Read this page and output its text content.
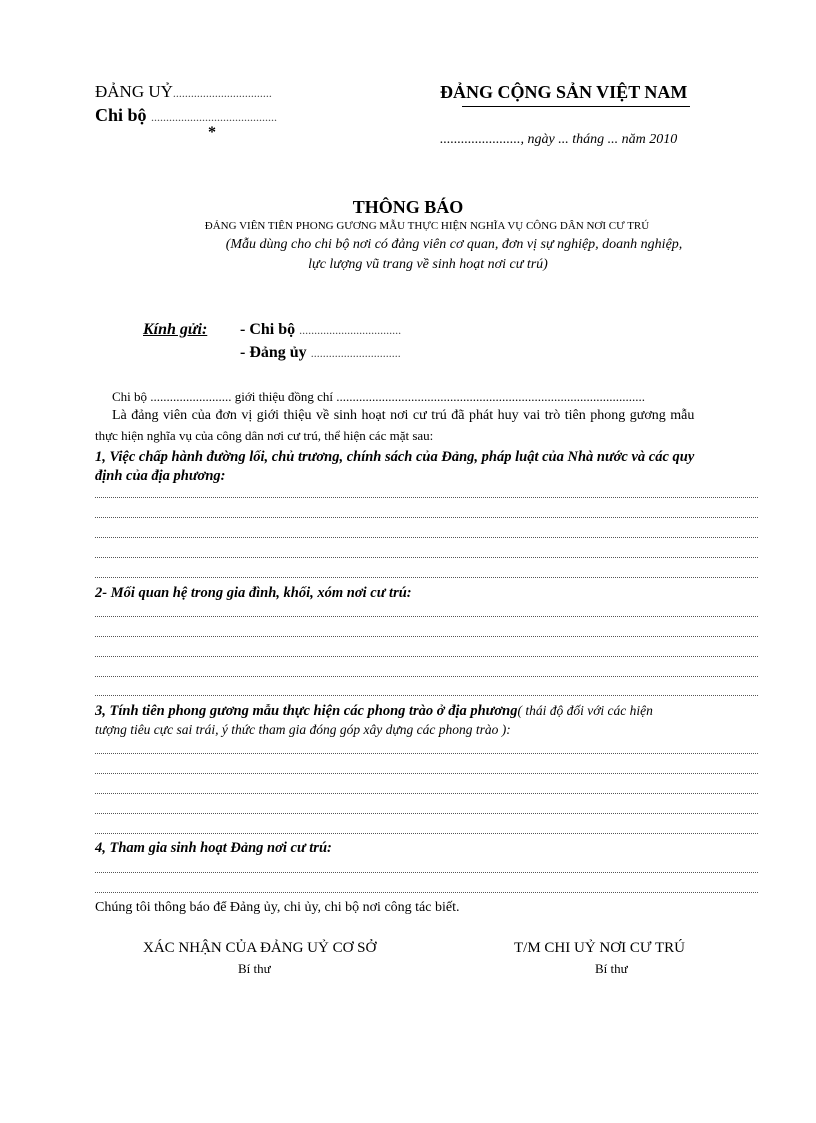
ĐẢNG UỶ.................................
Chi bộ ..........................................
*
ĐẢNG CỘNG SẢN VIỆT NAM
......................., ngày ... tháng ... năm 2010
THÔNG BÁO
ĐẢNG VIÊN TIÊN PHONG GƯƠNG MẪU THỰC HIỆN NGHĨA VỤ CÔNG DÂN NƠI CƯ TRÚ
(Mẫu dùng cho chi bộ nơi có đảng viên cơ quan, đơn vị sự nghiệp, doanh nghiệp,
lực lượng vũ trang về sinh hoạt nơi cư trú)
Kính gửi: - Chi bộ ..................................
- Đảng ủy ..............................
Chi bộ ......................... giới thiệu đồng chí ...............................................................................................
Là đảng viên của đơn vị giới thiệu về sinh hoạt nơi cư trú đã phát huy vai trò tiên phong gương mẫu
thực hiện nghĩa vụ của công dân nơi cư trú, thể hiện các mặt sau:
1, Việc chấp hành đường lối, chủ trương, chính sách của Đảng, pháp luật của Nhà nước và các quy
định của địa phương:
2- Mối quan hệ trong gia đình, khối, xóm nơi cư trú:
3, Tính tiên phong gương mẫu thực hiện các phong trào ở địa phương( thái độ đối với các hiện
tượng tiêu cực sai trái, ý thức tham gia đóng góp xây dựng các phong trào ):
4, Tham gia sinh hoạt Đảng nơi cư trú:
Chúng tôi thông báo để Đảng ủy, chi ủy, chi bộ nơi công tác biết.
XÁC NHẬN CỦA ĐẢNG UỶ CƠ SỞ
Bí thư
T/M CHI UỶ NƠI CƯ TRÚ
Bí thư
